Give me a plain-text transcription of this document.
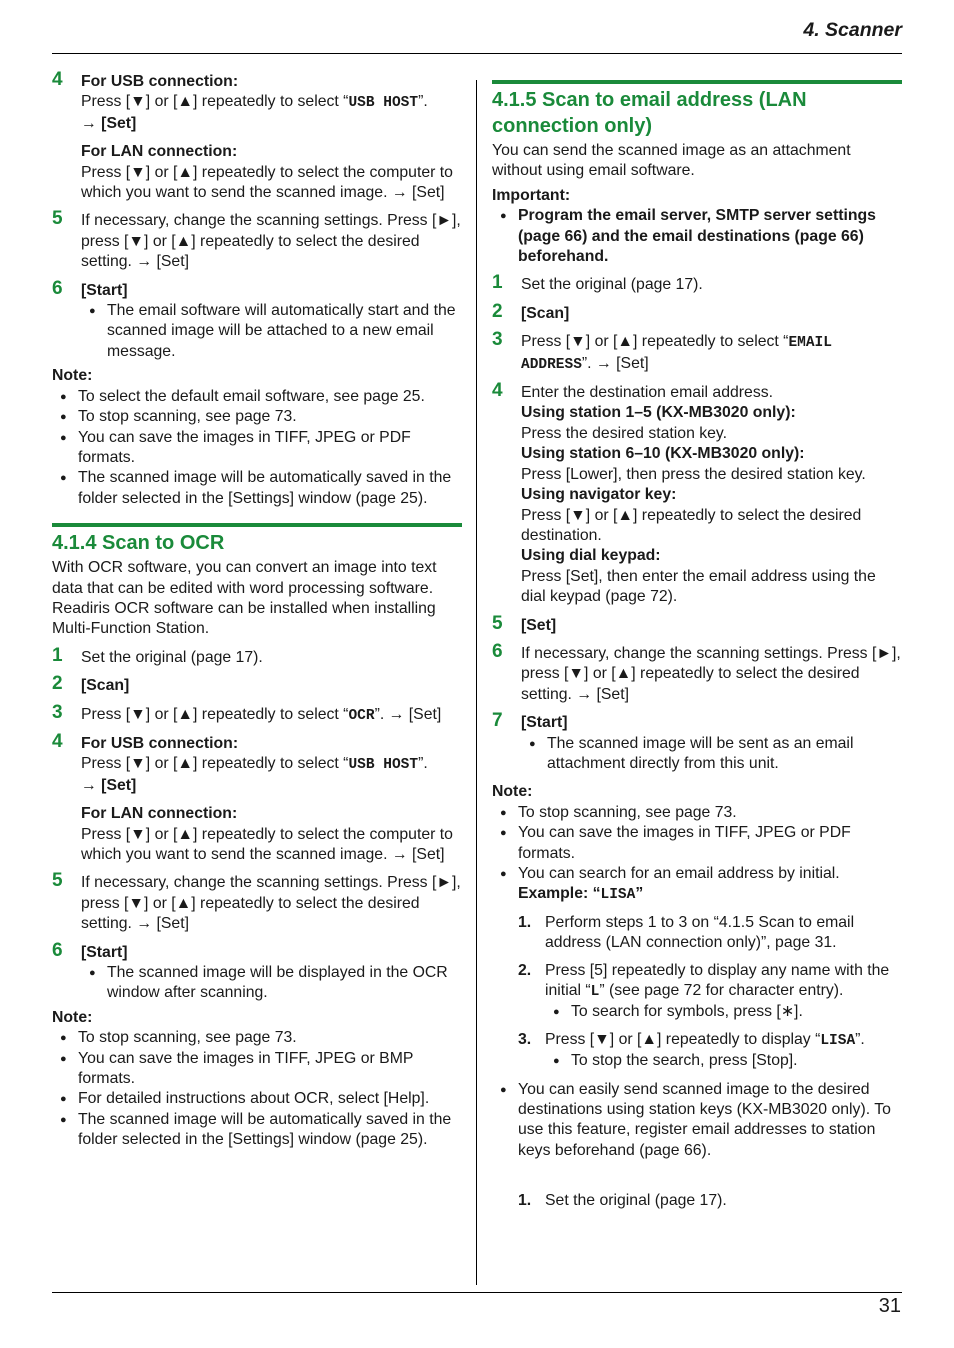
4. Scanner
4 For USB connection:
Press [▼] or [▲] repeatedly to select “USB HOST”.
→ [Set]
For LAN connection:
Press [▼] or [▲] repeatedly to select the computer to which you want to send the scanned image. → [Set]
5 If necessary, change the scanning settings. Press [►], press [▼] or [▲] repeatedly to select the desired setting. → [Set]
6 [Start]
● The email software will automatically start and the scanned image will be attached to a new email message.
Note:
● To select the default email software, see page 25.
● To stop scanning, see page 73.
● You can save the images in TIFF, JPEG or PDF formats.
● The scanned image will be automatically saved in the folder selected in the [Settings] window (page 25).
4.1.4 Scan to OCR
With OCR software, you can convert an image into text data that can be edited with word processing software. Readiris OCR software can be installed when installing Multi-Function Station.
1 Set the original (page 17).
2 [Scan]
3 Press [▼] or [▲] repeatedly to select “OCR”. → [Set]
4 For USB connection:
Press [▼] or [▲] repeatedly to select “USB HOST”.
→ [Set]
For LAN connection:
Press [▼] or [▲] repeatedly to select the computer to which you want to send the scanned image. → [Set]
5 If necessary, change the scanning settings. Press [►], press [▼] or [▲] repeatedly to select the desired setting. → [Set]
6 [Start]
● The scanned image will be displayed in the OCR window after scanning.
Note:
● To stop scanning, see page 73.
● You can save the images in TIFF, JPEG or BMP formats.
● For detailed instructions about OCR, select [Help].
● The scanned image will be automatically saved in the folder selected in the [Settings] window (page 25).
4.1.5 Scan to email address (LAN connection only)
You can send the scanned image as an attachment without using email software.
Important:
● Program the email server, SMTP server settings (page 66) and the email destinations (page 66) beforehand.
1 Set the original (page 17).
2 [Scan]
3 Press [▼] or [▲] repeatedly to select “EMAIL ADDRESS”. → [Set]
4 Enter the destination email address.
Using station 1–5 (KX-MB3020 only):
Press the desired station key.
Using station 6–10 (KX-MB3020 only):
Press [Lower], then press the desired station key.
Using navigator key:
Press [▼] or [▲] repeatedly to select the desired destination.
Using dial keypad:
Press [Set], then enter the email address using the dial keypad (page 72).
5 [Set]
6 If necessary, change the scanning settings. Press [►], press [▼] or [▲] repeatedly to select the desired setting. → [Set]
7 [Start]
● The scanned image will be sent as an email attachment directly from this unit.
Note:
● To stop scanning, see page 73.
● You can save the images in TIFF, JPEG or PDF formats.
● You can search for an email address by initial.
Example: “LISA”
1. Perform steps 1 to 3 on “4.1.5 Scan to email address (LAN connection only)”, page 31.
2. Press [5] repeatedly to display any name with the initial “L” (see page 72 for character entry).
● To search for symbols, press [∗].
3. Press [▼] or [▲] repeatedly to display “LISA”.
● To stop the search, press [Stop].
● You can easily send scanned image to the desired destinations using station keys (KX-MB3020 only). To use this feature, register email addresses to station keys beforehand (page 66).
1. Set the original (page 17).
31
